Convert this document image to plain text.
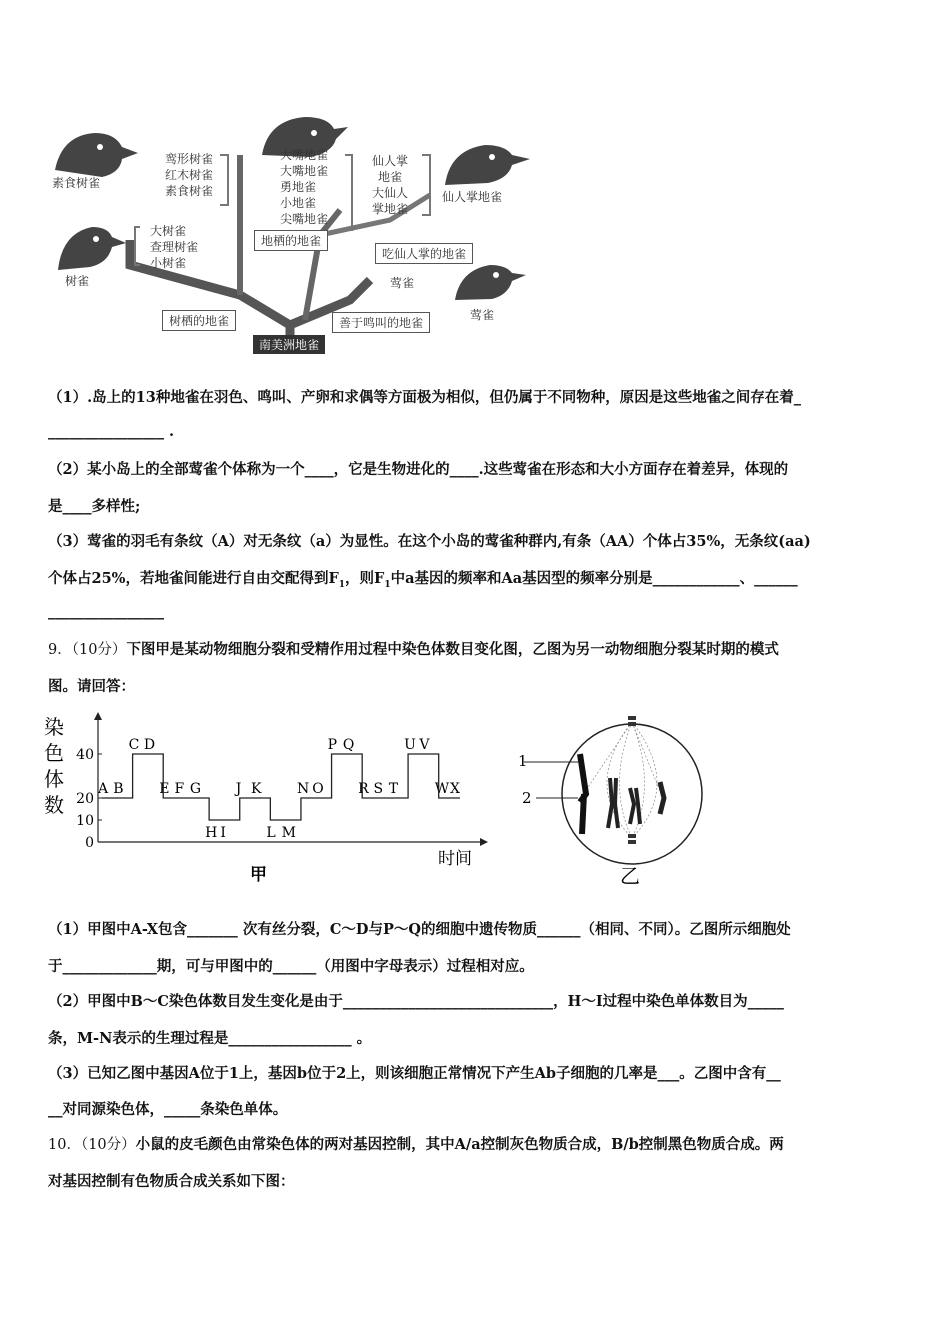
素食树雀
树雀
仙人掌地雀
莺雀
鸾形树雀
红木树雀
素食树雀
大树雀
查理树雀
小树雀
大嘴地雀
大嘴地雀
勇地雀
小地雀
尖嘴地雀
仙人掌
地雀
大仙人
掌地雀
莺雀
地栖的地雀
吃仙人掌的地雀
树栖的地雀	善于鸣叫的地雀
南美洲地雀
（1）.岛上的13种地雀在羽色、鸣叫、产卵和求偶等方面极为相似，但仍属于不同物种，原因是这些地雀之间存在着_
________________ .
（2）某小岛上的全部莺雀个体称为一个____，它是生物进化的____.这些莺雀在形态和大小方面存在着差异，体现的
是____多样性;
（3）莺雀的羽毛有条纹（A）对无条纹（a）为显性。在这个小岛的莺雀种群内,有条（AA）个体占35%，无条纹(aa)
个体占25%，若地雀间能进行自由交配得到$F_1$，则$F_1$中a基因的频率和Aa基因型的频率分别是____________、______
________________
9．（10分）下图甲是某动物细胞分裂和受精作用过程中染色体数目变化图，乙图为另一动物细胞分裂某时期的模式
图。请回答：
染
色
体
数
0
10
20
40
A B
C D
E F G
H I
J K
L M
N O
P Q
R S T
U V
W X
时间
甲
1
2
乙
（1）甲图中A-X包含_______ 次有丝分裂，C～D与P～Q的细胞中遗传物质______（相同、不同）。乙图所示细胞处
于_____________期，可与甲图中的______（用图中字母表示）过程相对应。
（2）甲图中B～C染色体数目发生变化是由于_____________________________，H～I过程中染色单体数目为_____
条，M-N表示的生理过程是_________________ 。
（3）已知乙图中基因A位于1上，基因b位于2上，则该细胞正常情况下产生Ab子细胞的几率是___。乙图中含有__
__对同源染色体，_____条染色单体。
10．（10分）小鼠的皮毛颜色由常染色体的两对基因控制，其中A/a控制灰色物质合成，B/b控制黑色物质合成。两
对基因控制有色物质合成关系如下图：
